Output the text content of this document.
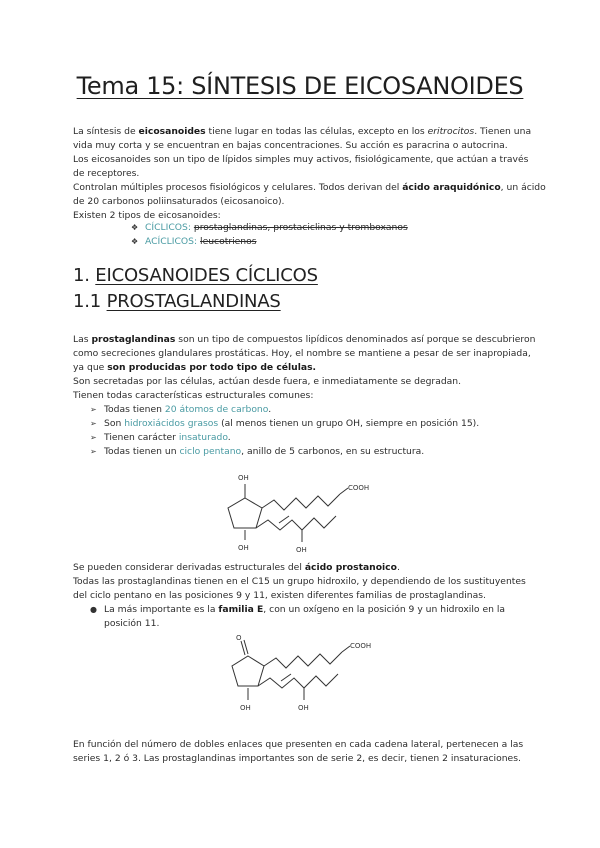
Tema 15: SÍNTESIS DE EICOSANOIDES
La síntesis de eicosanoides tiene lugar en todas las células, excepto en los eritrocitos. Tienen una
vida muy corta y se encuentran en bajas concentraciones. Su acción es paracrina o autocrina.
Los eicosanoides son un tipo de lípidos simples muy activos, fisiológicamente, que actúan a través
de receptores.
Controlan múltiples procesos fisiológicos y celulares. Todos derivan del ácido araquidónico, un ácido
de 20 carbonos poliinsaturados (eicosanoico).
Existen 2 tipos de eicosanoides:
❖ CÍCLICOS: prostaglandinas, prostaciclinas y tromboxanos
❖ ACÍCLICOS: leucotrienos
1. EICOSANOIDES CÍCLICOS
1.1 PROSTAGLANDINAS
Las prostaglandinas son un tipo de compuestos lipídicos denominados así porque se descubrieron
como secreciones glandulares prostáticas. Hoy, el nombre se mantiene a pesar de ser inapropiada,
ya que son producidas por todo tipo de células.
Son secretadas por las células, actúan desde fuera, e inmediatamente se degradan.
Tienen todas características estructurales comunes:
➢ Todas tienen 20 átomos de carbono.
➢ Son hidroxiácidos grasos (al menos tienen un grupo OH, siempre en posición 15).
➢ Tienen carácter insaturado.
➢ Todas tienen un ciclo pentano, anillo de 5 carbonos, en su estructura.
OH
COOH
OH	OH
Se pueden considerar derivadas estructurales del ácido prostanoico.
Todas las prostaglandinas tienen en el C15 un grupo hidroxilo, y dependiendo de los sustituyentes
del ciclo pentano en las posiciones 9 y 11, existen diferentes familias de prostaglandinas.
● La más importante es la familia E, con un oxígeno en la posición 9 y un hidroxilo en la
posición 11.
O
COOH
OH	OH
En función del número de dobles enlaces que presenten en cada cadena lateral, pertenecen a las
series 1, 2 ó 3. Las prostaglandinas importantes son de serie 2, es decir, tienen 2 insaturaciones.
